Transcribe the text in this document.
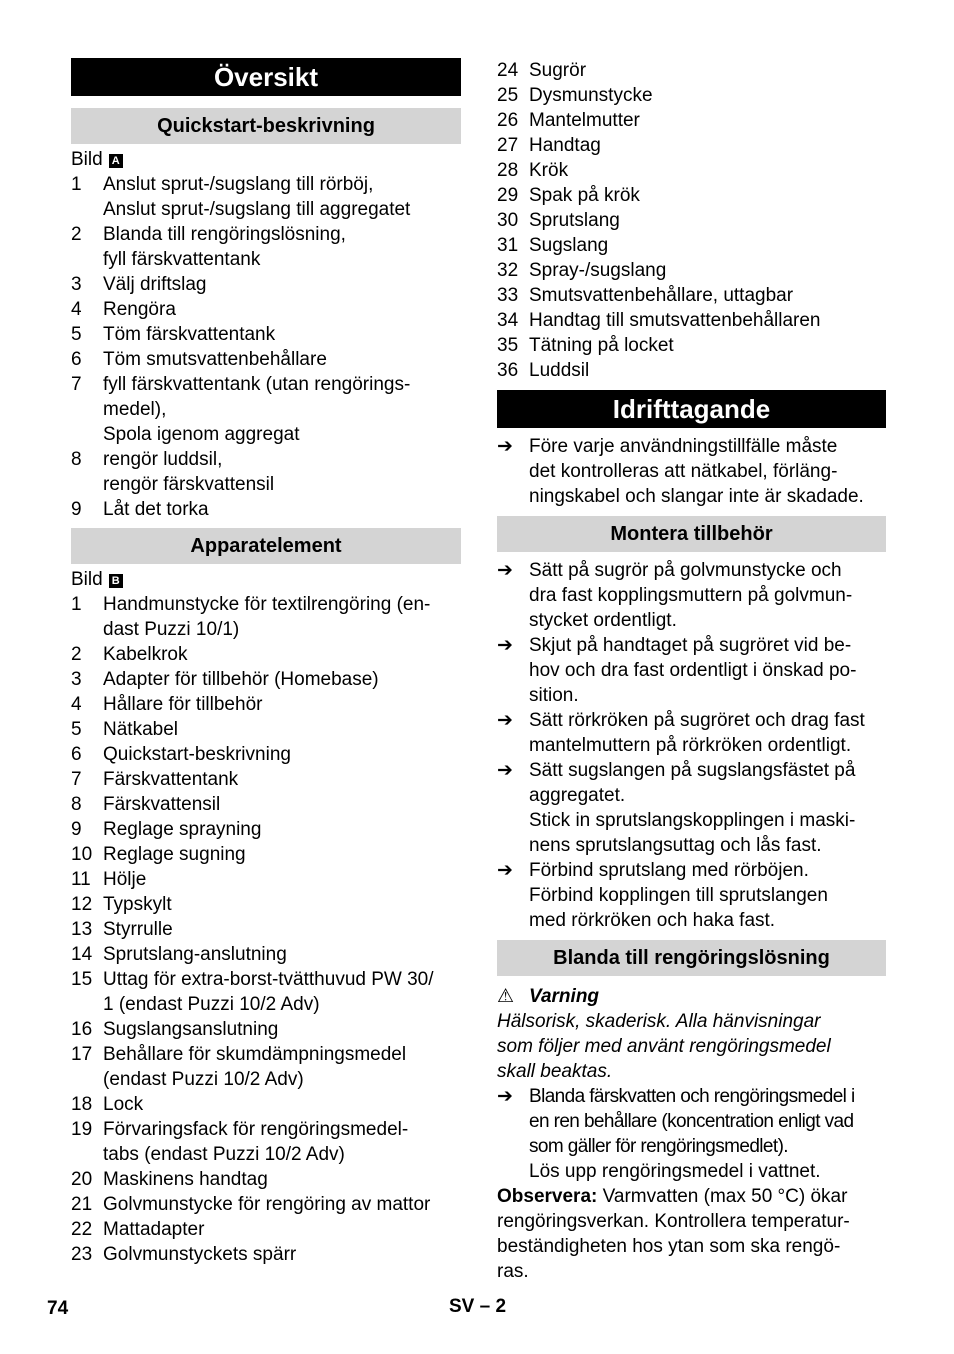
Översikt
Quickstart-beskrivning
Bild A
1	Anslut sprut-/sugslang till rörböj,
Anslut sprut-/sugslang till aggregatet
2	Blanda till rengöringslösning,
fyll färskvattentank
3	Välj driftslag
4	Rengöra
5	Töm färskvattentank
6	Töm smutsvattenbehållare
7	fyll färskvattentank (utan rengörings-
medel),
Spola igenom aggregat
8	rengör luddsil,
rengör färskvattensil
9	Låt det torka
Apparatelement
Bild B
1	Handmunstycke för textilrengöring (en-
dast Puzzi 10/1)
2	Kabelkrok
3	Adapter för tillbehör (Homebase)
4	Hållare för tillbehör
5	Nätkabel
6	Quickstart-beskrivning
7	Färskvattentank
8	Färskvattensil
9	Reglage sprayning
10 Reglage sugning
11 Hölje
12 Typskylt
13 Styrrulle
14 Sprutslang-anslutning
15 Uttag för extra-borst-tvätthuvud PW 30/
1 (endast Puzzi 10/2 Adv)
16 Sugslangsanslutning
17 Behållare för skumdämpningsmedel
(endast Puzzi 10/2 Adv)
18 Lock
19 Förvaringsfack för rengöringsmedel-
tabs (endast Puzzi 10/2 Adv)
20 Maskinens handtag
21 Golvmunstycke för rengöring av mattor
22 Mattadapter
23 Golvmunstyckets spärr
24 Sugrör
25 Dysmunstycke
26 Mantelmutter
27 Handtag
28 Krök
29 Spak på krök
30 Sprutslang
31 Sugslang
32 Spray-/sugslang
33 Smutsvattenbehållare, uttagbar
34 Handtag till smutsvattenbehållaren
35 Tätning på locket
36 Luddsil
Idrifttagande
➔ Före varje användningstillfälle måste
det kontrolleras att nätkabel, förläng-
ningskabel och slangar inte är skadade.
Montera tillbehör
➔ Sätt på sugrör på golvmunstycke och
dra fast kopplingsmuttern på golvmun-
stycket ordentligt.
➔ Skjut på handtaget på sugröret vid be-
hov och dra fast ordentligt i önskad po-
sition.
➔ Sätt rörkröken på sugröret och drag fast
mantelmuttern på rörkröken ordentligt.
➔ Sätt sugslangen på sugslangsfästet på
aggregatet.
Stick in sprutslangskopplingen i maski-
nens sprutslangsuttag och lås fast.
➔ Förbind sprutslang med rörböjen.
Förbind kopplingen till sprutslangen
med rörkröken och haka fast.
Blanda till rengöringslösning
⚠ Varning
Hälsorisk, skaderisk. Alla hänvisningar
som följer med använt rengöringsmedel
skall beaktas.
➔ Blanda färskvatten och rengöringsmedel i
en ren behållare (koncentration enligt vad
som gäller för rengöringsmedlet).
Lös upp rengöringsmedel i vattnet.
Observera: Varmvatten (max 50 °C) ökar
rengöringsverkan. Kontrollera temperatur-
beständigheten hos ytan som ska rengö-
ras.
74	SV – 2
